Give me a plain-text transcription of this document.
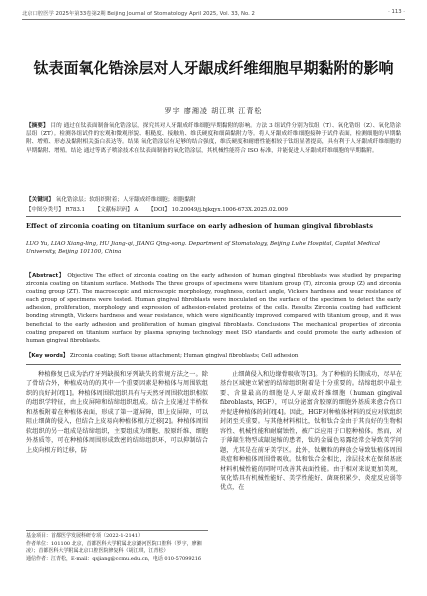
北京口腔医学 2025年第33卷第2期 Beijing Journal of Stomatology April 2025, Vol. 33, No. 2	· 113 ·
钛表面氧化锆涂层对人牙龈成纤维细胞早期黏附的影响
罗宇 廖湘凌 胡江琪 江青松
【摘要】 目的 通过在钛表面制备氧化锆涂层，探究其对人牙龈成纤维细胞早期黏附的影响。方法 3 组试件分别为钛组（T）、氧化锆组（Z）、氧化锆涂层组（ZT）。检测各组试件的宏观和微观形貌、粗糙度、接触角、维氏硬度和细菌黏附力等。将人牙龈成纤维细胞接种于试件表面，检测细胞的早期黏附、增殖、形态及黏附相关蛋白表达等。结果 氧化锆涂层有足够的结合强度，维氏硬度和耐磨性能相较于钛组显著提高，具有利于人牙龈成纤维细胞的早期黏附、增殖。结论 通过等离子喷涂技术在钛表面制备的氧化锆涂层，其机械性能符合 ISO 标准，并能促进人牙龈成纤维细胞的早期黏附。
【关键词】 氧化锆涂层；软组织附着；人牙龈成纤维细胞；细胞黏附
【中图分类号】 R783.1 【文献标识码】 A 【DOI】 10.20049/j.bjkqyx.1006-673X.2025.02.009
Effect of zirconia coating on titanium surface on early adhesion of human gingival fibroblasts
LUO Yu, LIAO Xiang-ling, HU Jiang-qi, JIANG Qing-song. Department of Stomatology, Beijing Luhe Hospital, Capital Medical University, Beijing 101100, China
【Abstract】 Objective The effect of zirconia coating on the early adhesion of human gingival fibroblasts was studied by preparing zirconia coating on titanium surface. Methods The three groups of specimens were titanium group (T), zirconia group (Z) and zirconia coating group (ZT). The macroscopic and microscopic morphology, roughness, contact angle, Vickers hardness and wear resistance of each group of specimens were tested. Human gingival fibroblasts were inoculated on the surface of the specimen to detect the early adhesion, proliferation, morphology and expression of adhesion-related proteins of the cells. Results Zirconia coating had sufficient bonding strength, Vickers hardness and wear resistance, which were significantly improved compared with titanium group, and it was beneficial to the early adhesion and proliferation of human gingival fibroblasts. Conclusions The mechanical properties of zirconia coating prepared on titanium surface by plasma spraying technology meet ISO standards and could promote the early adhesion of human gingival fibroblasts.
【Key words】 Zirconia coating; Soft tissue attachment; Human gingival fibroblasts; Cell adhesion
种植修复已成为治疗牙列缺损和牙列缺失的常规方法之一。除了骨结合外，种植成功的的其中一个重要因素是种植体与周围软组织的良好封闭[1]。种植体周围软组织具有与天然牙周围软组织相似的组织学特征，由上皮屏障和结缔组织组成。结合上皮通过半桥粒和基板附着在种植体表面，形成了第一道屏障，即上皮屏障，可以阻止细菌的侵入，但结合上皮易向种植体根方迁移[2]。种植体周围软组织的另一组成是结缔组织，主要组成为细胞、胶原纤维、细胞外基质等，可在种植体周围形成致密的结缔组织环，可以抑制结合上皮向根方的迁移，防
止细菌侵入和边缘骨吸收等[3]。为了种植的长期成功，尽早在基台区域建立紧密的结缔组织附着是十分重要的。结缔组织中最主要、含量最高的细胞是人牙龈成纤维细胞（human gingival fibroblasts, HGF），可以分泌富含胶原的细胞外基质来愈合伤口并促进种植体的封闭[4]。因此，HGF对种植体材料的反应对软组织封闭至关重要。与其他材料相比，钛和钛合金由于其良好的生物相容性、机械性能和耐腐蚀性，被广泛应用于口腔种植体。然而，对于薄龈生物型或龈退缩的患者，钛的金属色易露经常会导致美学问题，尤其是在前牙美学区。此外，钛颗粒的释放会导致钛植体周围炎症和种植体周围骨吸收。钛和钛合金相比，涂层技术在保留基底材料机械性能的同时可改善其表面性能。由于相对来说更加美观，氧化锆具有机械性能好、美学性能好、菌斑积累少、炎症反应弱等优点，在
基金项目：首都医学发展科研专项（2022-1-2141）
作者单位：101100 北京，首都医科大学附属北京潞河医院口腔科（罗宇，廖湘凌）；首都医科大学附属北京口腔医院修复科（胡江琪，江青松）
通信作者：江青松，E-mail：qsjiang@ccmu.edu.cn，电话 010-57099216
